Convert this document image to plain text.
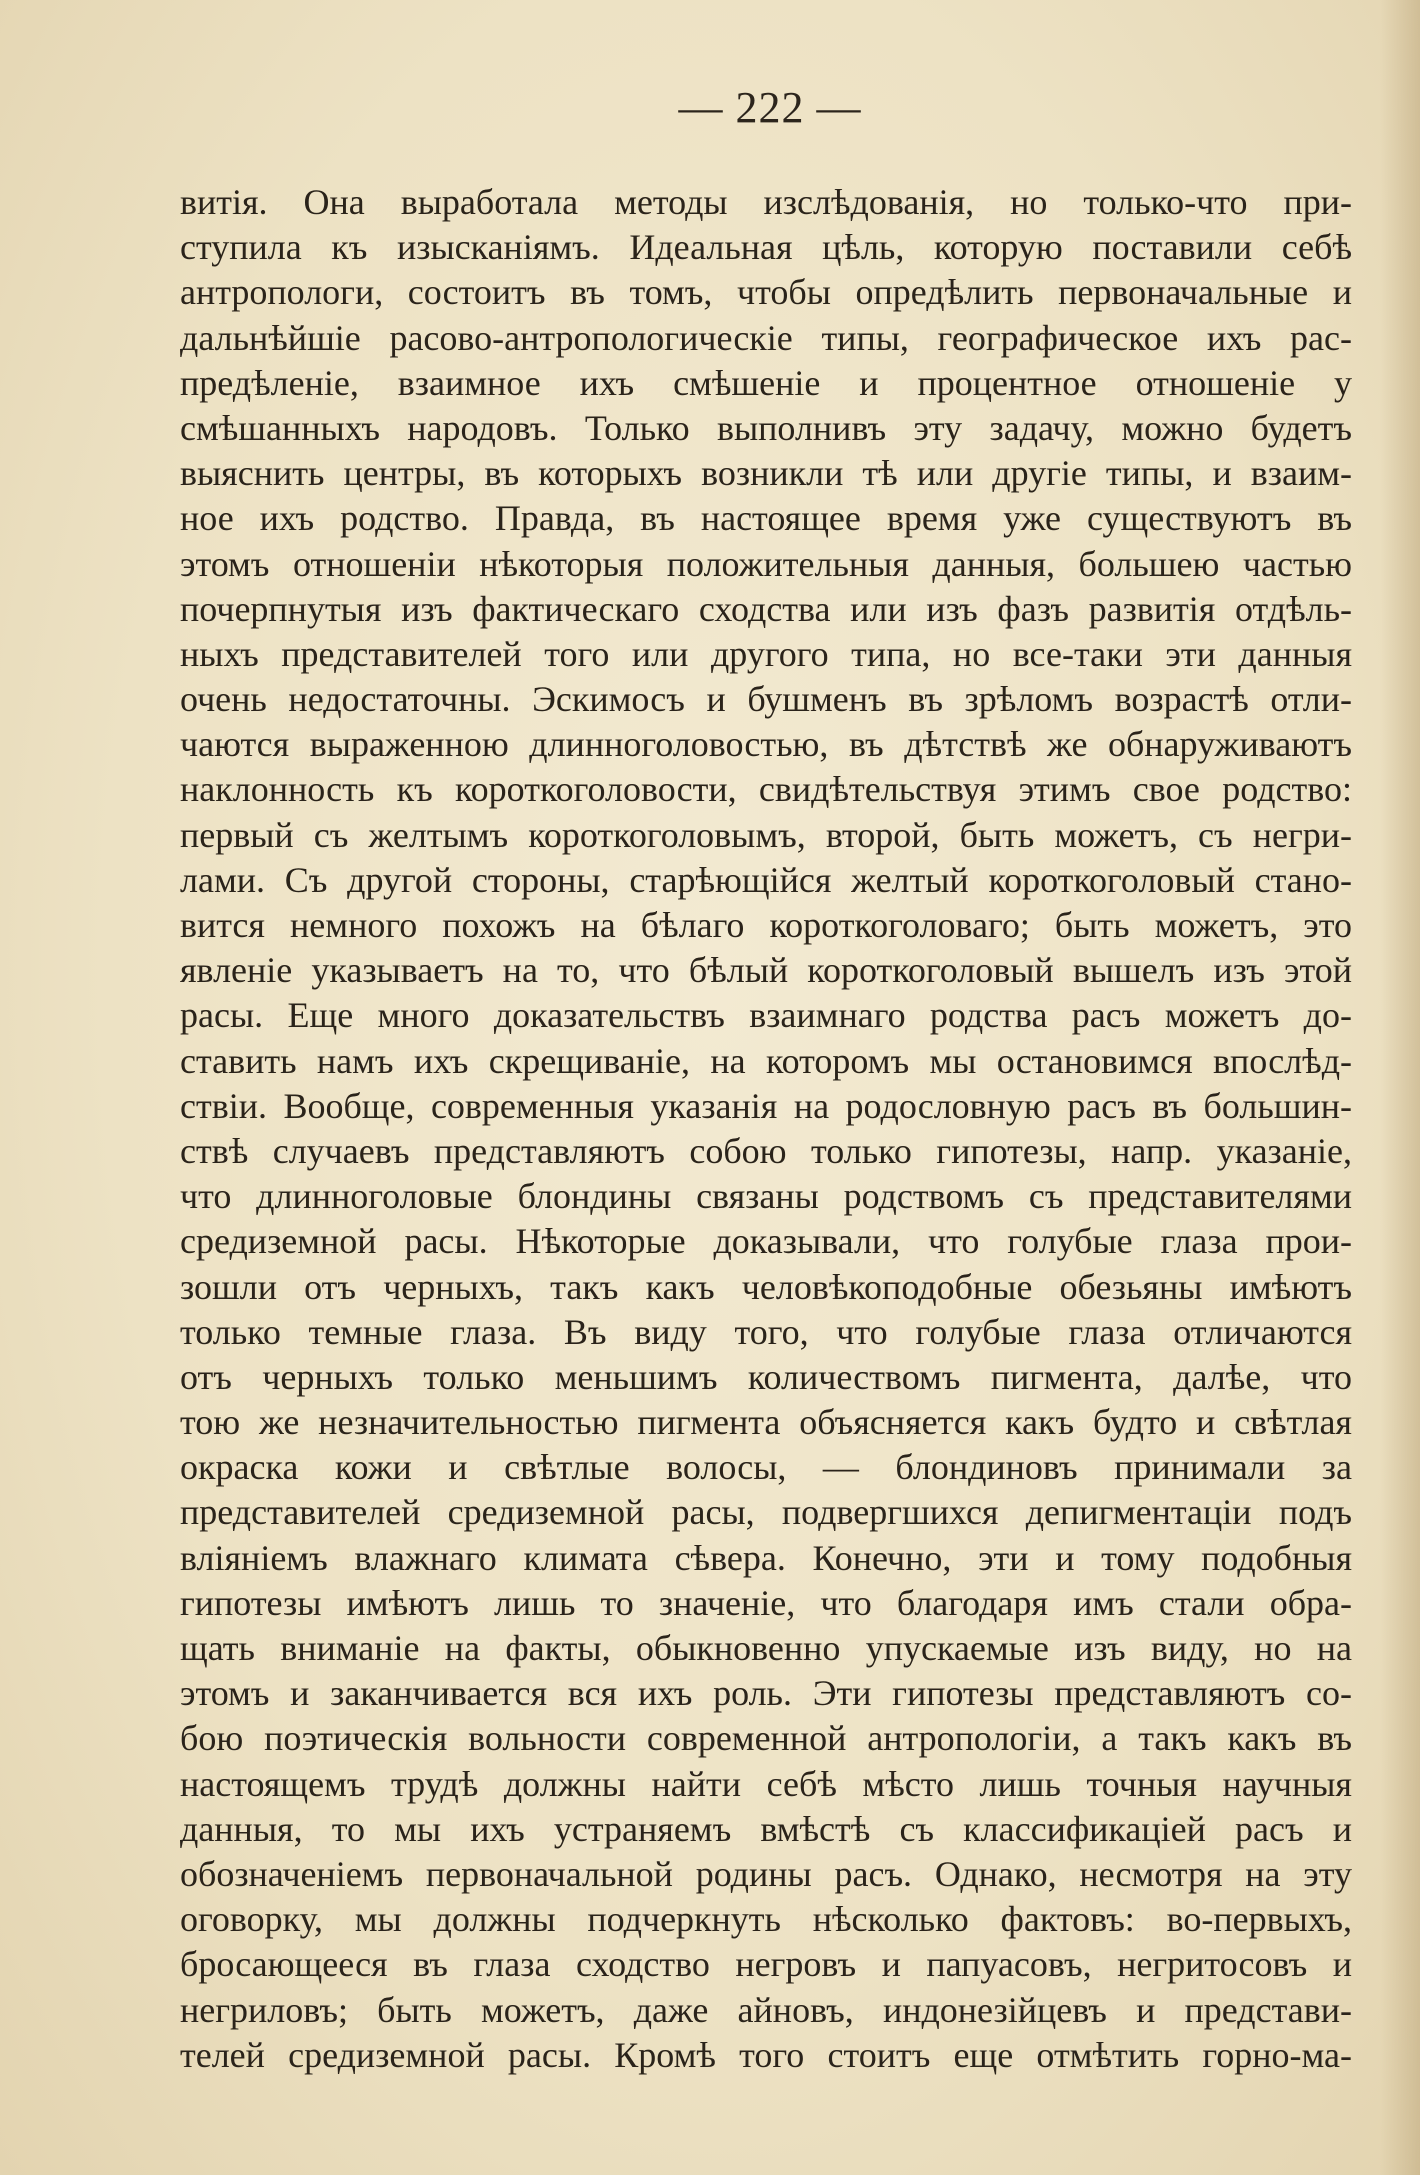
— 222 —
витія. Она выработала методы изслѣдованія, но только-что при-
ступила къ изысканіямъ. Идеальная цѣль, которую поставили себѣ
антропологи, состоитъ въ томъ, чтобы опредѣлить первоначальные и
дальнѣйшіе расово-антропологическіе типы, географическое ихъ рас-
предѣленіе, взаимное ихъ смѣшеніе и процентное отношеніе у
смѣшанныхъ народовъ. Только выполнивъ эту задачу, можно будетъ
выяснить центры, въ которыхъ возникли тѣ или другіе типы, и взаим-
ное ихъ родство. Правда, въ настоящее время уже существуютъ въ
этомъ отношеніи нѣкоторыя положительныя данныя, большею частью
почерпнутыя изъ фактическаго сходства или изъ фазъ развитія отдѣль-
ныхъ представителей того или другого типа, но все-таки эти данныя
очень недостаточны. Эскимосъ и бушменъ въ зрѣломъ возрастѣ отли-
чаются выраженною длинноголовостью, въ дѣтствѣ же обнаруживаютъ
наклонность къ короткоголовости, свидѣтельствуя этимъ свое родство:
первый съ желтымъ короткоголовымъ, второй, быть можетъ, съ негри-
лами. Съ другой стороны, старѣющійся желтый короткоголовый стано-
вится немного похожъ на бѣлаго короткоголоваго; быть можетъ, это
явленіе указываетъ на то, что бѣлый короткоголовый вышелъ изъ этой
расы. Еще много доказательствъ взаимнаго родства расъ можетъ до-
ставить намъ ихъ скрещиваніе, на которомъ мы остановимся впослѣд-
ствіи. Вообще, современныя указанія на родословную расъ въ большин-
ствѣ случаевъ представляютъ собою только гипотезы, напр. указаніе,
что длинноголовые блондины связаны родствомъ съ представителями
средиземной расы. Нѣкоторые доказывали, что голубые глаза прои-
зошли отъ черныхъ, такъ какъ человѣкоподобные обезьяны имѣютъ
только темные глаза. Въ виду того, что голубые глаза отличаются
отъ черныхъ только меньшимъ количествомъ пигмента, далѣе, что
тою же незначительностью пигмента объясняется какъ будто и свѣтлая
окраска кожи и свѣтлые волосы, — блондиновъ принимали за
представителей средиземной расы, подвергшихся депигментаціи подъ
вліяніемъ влажнаго климата сѣвера. Конечно, эти и тому подобныя
гипотезы имѣютъ лишь то значеніе, что благодаря имъ стали обра-
щать вниманіе на факты, обыкновенно упускаемые изъ виду, но на
этомъ и заканчивается вся ихъ роль. Эти гипотезы представляютъ со-
бою поэтическія вольности современной антропологіи, а такъ какъ въ
настоящемъ трудѣ должны найти себѣ мѣсто лишь точныя научныя
данныя, то мы ихъ устраняемъ вмѣстѣ съ классификаціей расъ и
обозначеніемъ первоначальной родины расъ. Однако, несмотря на эту
оговорку, мы должны подчеркнуть нѣсколько фактовъ: во-первыхъ,
бросающееся въ глаза сходство негровъ и папуасовъ, негритосовъ и
негриловъ; быть можетъ, даже айновъ, индонезійцевъ и представи-
телей средиземной расы. Кромѣ того стоитъ еще отмѣтить горно-ма-
